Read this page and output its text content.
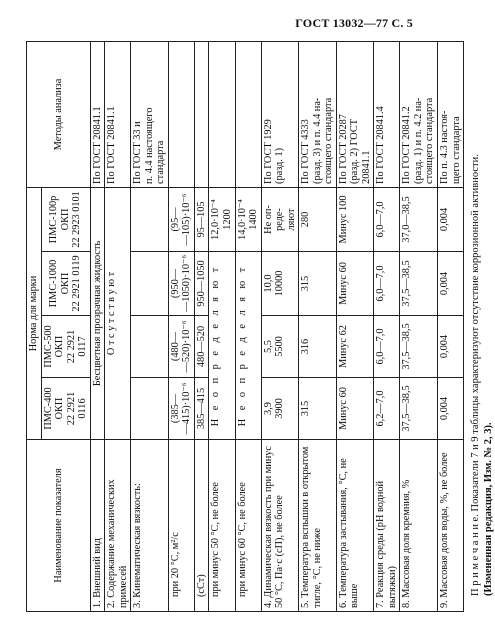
ГОСТ 13032—77 С. 5
Наименование показателя	Норма для марки				Методы анализа

	ПМС-400 ОКП 22 2921 0116	ПМС-500 ОКП 22 2921 0117	ПМС-1000 ОКП 22 2921 0119	ПМС-100р ОКП 22 2923 0101	

1. Внешний вид	Бесцветная прозрачная жидкость				По ГОСТ 20841.1

2. Содержание механических примесей	О т с у т с т в у ю т				По ГОСТ 20841.1

3. Кинематическая вязкость:					По ГОСТ 33 и п. 4.4 настоящего стандарта

при 20 °С, м²/с	(385— —415)·10⁻⁶	(480— —520)·10⁻⁶	(950— —1050)·10⁻⁶	(95— —105)·10⁻⁶	

(сСт)	385—415	480—520	950—1050	95—105	

при минус 50 °С, не более	Н е о п р е д е л я ю т			12,0·10⁻⁴ 1200	

при минус 60 °С, не более	Н е о п р е д е л я ю т			14,0·10⁻⁴ 1400	

4. Динамическая вязкость при минус 50 °С, Па·с (сП), не более	3,9 3900	5,5 5500	10,0 10000	Не оп- реде- ляют	По ГОСТ 1929 (разд. 1)

5. Температура вспышки в открытом тигле, °С, не ниже	315	316	315	280	По ГОСТ 4333 (разд. 3) и п. 4.4 на- стоящего стандарта

6. Температура застывания, °С, не выше	Минус 60	Минус 62	Минус 60	Минус 100	По ГОСТ 20287 (разд. 2) ГОСТ 20841.1

7. Реакция среды (pH водной вытяжки)	6,2—7,0	6,0—7,0	6,0—7,0	6,0—7,0	По ГОСТ 20841.4

8. Массовая доля кремния, %	37,5—38,5	37,5—38,5	37,5—38,5	37,0—38,5	По ГОСТ 20841.2 (разд. 1) и п. 4.2 на- стоящего стандарта

9. Массовая доля воды, %, не более	0,004	0,004	0,004	0,004	По п. 4.3 настоя- щего стандарта
П р и м е ч а н и е. Показатели 7 и 9 таблицы характеризуют отсутствие коррозионной активности. (Измененная редакция, Изм. № 2, 3).
